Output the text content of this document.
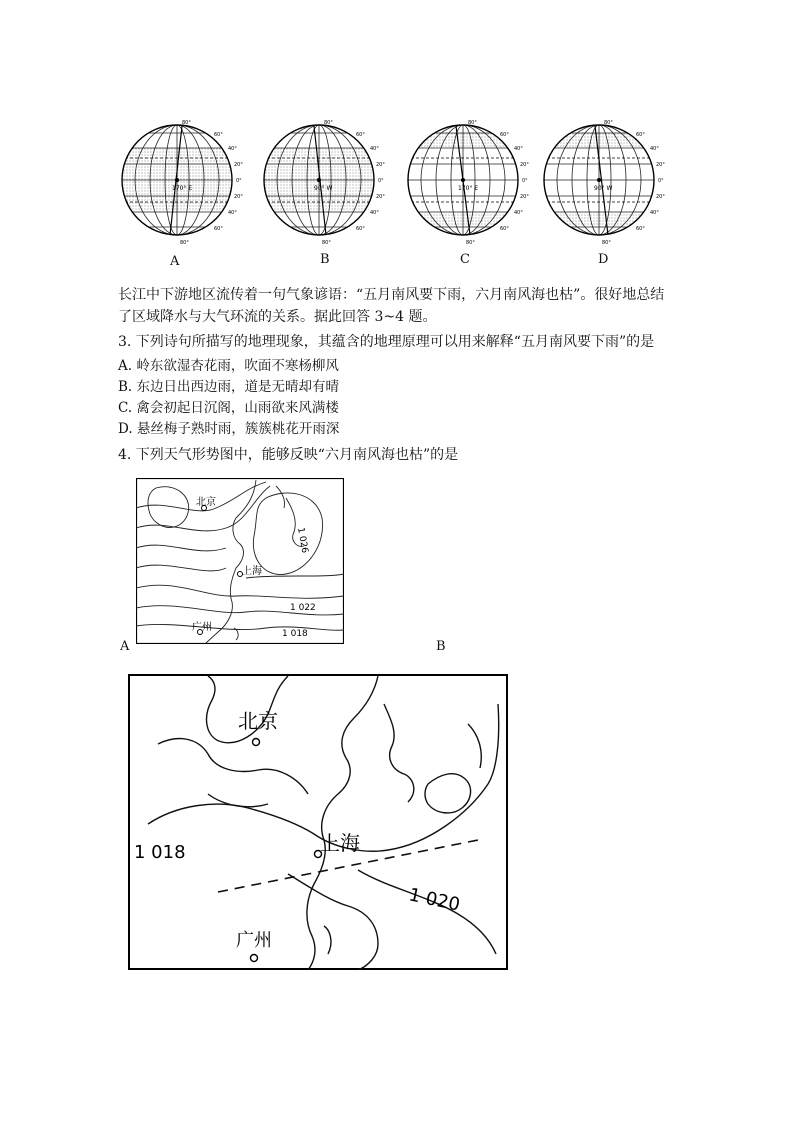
170° E
80°
60°
40°
20°
0°
20°
40°
60°
80°
A
90° W
80°
60°
40°
20°
0°
20°
40°
60°
80°
B
170° E
80°
60°
40°
20°
0°
20°
40°
60°
80°
C
90° W
80°
60°
40°
20°
0°
20°
40°
60°
80°
D
长江中下游地区流传着一句气象谚语：“五月南风要下雨，六月南风海也枯”。很好地总结
了区域降水与大气环流的关系。据此回答 3~4 题。
3. 下列诗句所描写的地理现象，其蕴含的地理原理可以用来解释“五月南风要下雨”的是
A. 岭东欲湿杏花雨，吹面不寒杨柳风
B. 东边日出西边雨，道是无晴却有晴
C. 禽会初起日沉阁，山雨欲来风满楼
D. 悬丝梅子熟时雨，簇簇桃花开雨深
4. 下列天气形势图中，能够反映“六月南风海也枯”的是
北京
上海
广州
1 026
1 022
1 018
A	B
北京
上海
广州
1 018
1 020
